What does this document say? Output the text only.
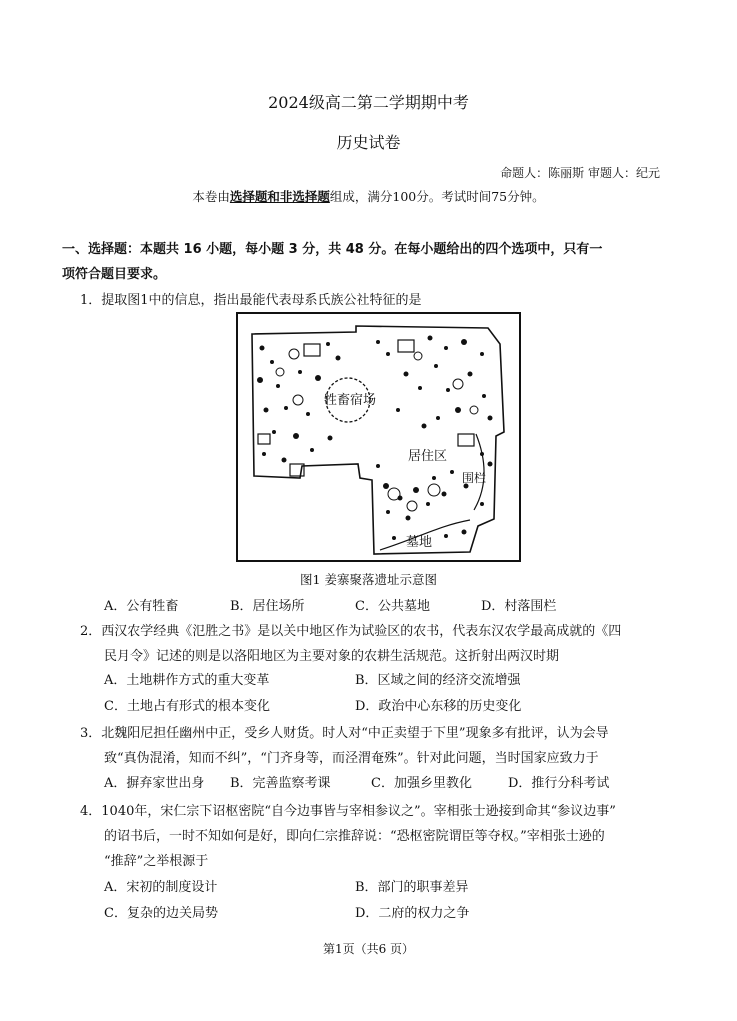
2024级高二第二学期期中考
历史试卷
命题人：陈丽斯 审题人：纪元
本卷由选择题和非选择题组成，满分100分。考试时间75分钟。
一、选择题：本题共 16 小题，每小题 3 分，共 48 分。在每小题给出的四个选项中，只有一
项符合题目要求。
1．提取图1中的信息，指出最能代表母系氏族公社特征的是
牲畜宿场
居住区
围栏
墓地
图1 姜寨聚落遗址示意图
A．公有牲畜	B．居住场所	C．公共墓地	D．村落围栏
2．西汉农学经典《氾胜之书》是以关中地区作为试验区的农书，代表东汉农学最高成就的《四
民月令》记述的则是以洛阳地区为主要对象的农耕生活规范。这折射出两汉时期
A．土地耕作方式的重大变革	B．区域之间的经济交流增强
C．土地占有形式的根本变化	D．政治中心东移的历史变化
3．北魏阳尼担任幽州中正，受乡人财货。时人对“中正卖望于下里”现象多有批评，认为会导
致“真伪混淆，知而不纠”，“门齐身等，而泾渭奄殊”。针对此问题，当时国家应致力于
A．摒弃家世出身 B．完善监察考课	C．加强乡里教化	D．推行分科考试
4．1040年，宋仁宗下诏枢密院“自今边事皆与宰相参议之”。宰相张士逊接到命其“参议边事”
的诏书后，一时不知如何是好，即向仁宗推辞说：“恐枢密院谓臣等夺权。”宰相张士逊的
“推辞”之举根源于
A．宋初的制度设计	B．部门的职事差异
C．复杂的边关局势	D．二府的权力之争
第1页（共6 页）
